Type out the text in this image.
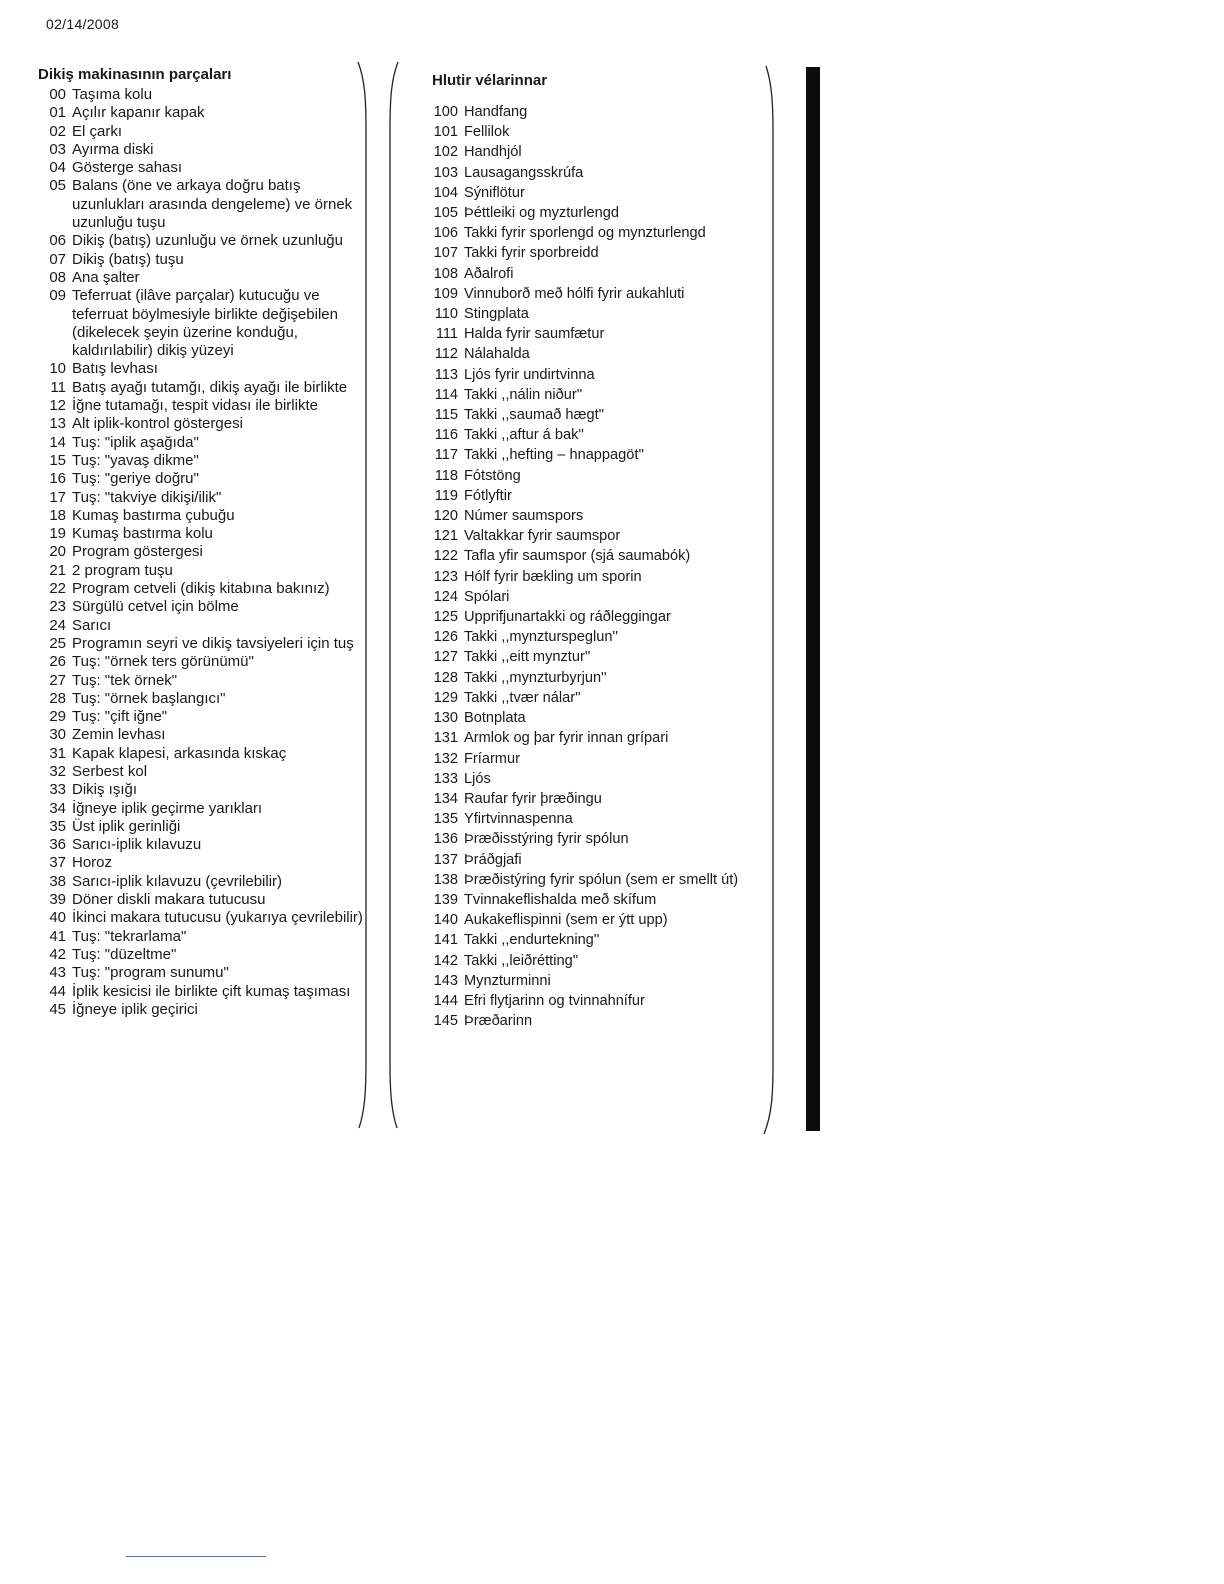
02/14/2008
Dikiş makinasının parçaları
00 Taşıma kolu
01 Açılır kapanır kapak
02 El çarkı
03 Ayırma diski
04 Gösterge sahası
05 Balans (öne ve arkaya doğru batış uzunlukları arasında dengeleme) ve örnek uzunluğu tuşu
06 Dikiş (batış) uzunluğu ve örnek uzunluğu
07 Dikiş (batış) tuşu
08 Ana şalter
09 Teferruat (ilâve parçalar) kutucuğu ve teferruat böylmesiyle birlikte değişebilen (dikelecek şeyin üzerine konduğu, kaldırılabilir) dikiş yüzeyi
10 Batış levhası
11 Batış ayağı tutamğı, dikiş ayağı ile birlikte
12 İğne tutamağı, tespit vidası ile birlikte
13 Alt iplik-kontrol göstergesi
14 Tuş: "iplik aşağıda"
15 Tuş: "yavaş dikme"
16 Tuş: "geriye doğru"
17 Tuş: "takviye dikişi/ilik"
18 Kumaş bastırma çubuğu
19 Kumaş bastırma kolu
20 Program göstergesi
21 2 program tuşu
22 Program cetveli (dikiş kitabına bakınız)
23 Sürgülü cetvel için bölme
24 Sarıcı
25 Programın seyri ve dikiş tavsiyeleri için tuş
26 Tuş: "örnek ters görünümü"
27 Tuş: "tek örnek"
28 Tuş: "örnek başlangıcı"
29 Tuş: "çift iğne"
30 Zemin levhası
31 Kapak klapesi, arkasında kıskaç
32 Serbest kol
33 Dikiş ışığı
34 İğneye iplik geçirme yarıkları
35 Üst iplik gerinliği
36 Sarıcı-iplik kılavuzu
37 Horoz
38 Sarıcı-iplik kılavuzu (çevrilebilir)
39 Döner diskli makara tutucusu
40 İkinci makara tutucusu (yukarıya çevrilebilir)
41 Tuş: "tekrarlama"
42 Tuş: "düzeltme"
43 Tuş: "program sunumu"
44 İplik kesicisi ile birlikte çift kumaş taşıması
45 İğneye iplik geçirici
Hlutir vélarinnar
100 Handfang
101 Fellilok
102 Handhjól
103 Lausagangsskrúfa
104 Sýniflötur
105 Þéttleiki og myzturlengd
106 Takki fyrir sporlengd og mynzturlengd
107 Takki fyrir sporbreidd
108 Aðalrofi
109 Vinnuborð með hólfi fyrir aukahluti
110 Stingplata
111 Halda fyrir saumfætur
112 Nálahalda
113 Ljós fyrir undirtvinna
114 Takki ,,nálin niður''
115 Takki ,,saumað hægt''
116 Takki ,,aftur á bak''
117 Takki ,,hefting – hnappagöt''
118 Fótstöng
119 Fótlyftir
120 Númer saumspors
121 Valtakkar fyrir saumspor
122 Tafla yfir saumspor (sjá saumabók)
123 Hólf fyrir bækling um sporin
124 Spólari
125 Upprifjunartakki og ráðleggingar
126 Takki ,,mynzturspeglun''
127 Takki ,,eitt mynztur''
128 Takki ,,mynzturbyrjun''
129 Takki ,,tvær nálar''
130 Botnplata
131 Armlok og þar fyrir innan grípari
132 Fríarmur
133 Ljós
134 Raufar fyrir þræðingu
135 Yfirtvinnaspenna
136 Þræðisstýring fyrir spólun
137 Þráðgjafi
138 Þræðistýring fyrir spólun (sem er smellt út)
139 Tvinnakeflishalda með skífum
140 Aukakeflispinni (sem er ýtt upp)
141 Takki ,,endurtekning''
142 Takki ,,leiðrétting''
143 Mynzturminni
144 Efri flytjarinn og tvinnahnífur
145 Þræðarinn
